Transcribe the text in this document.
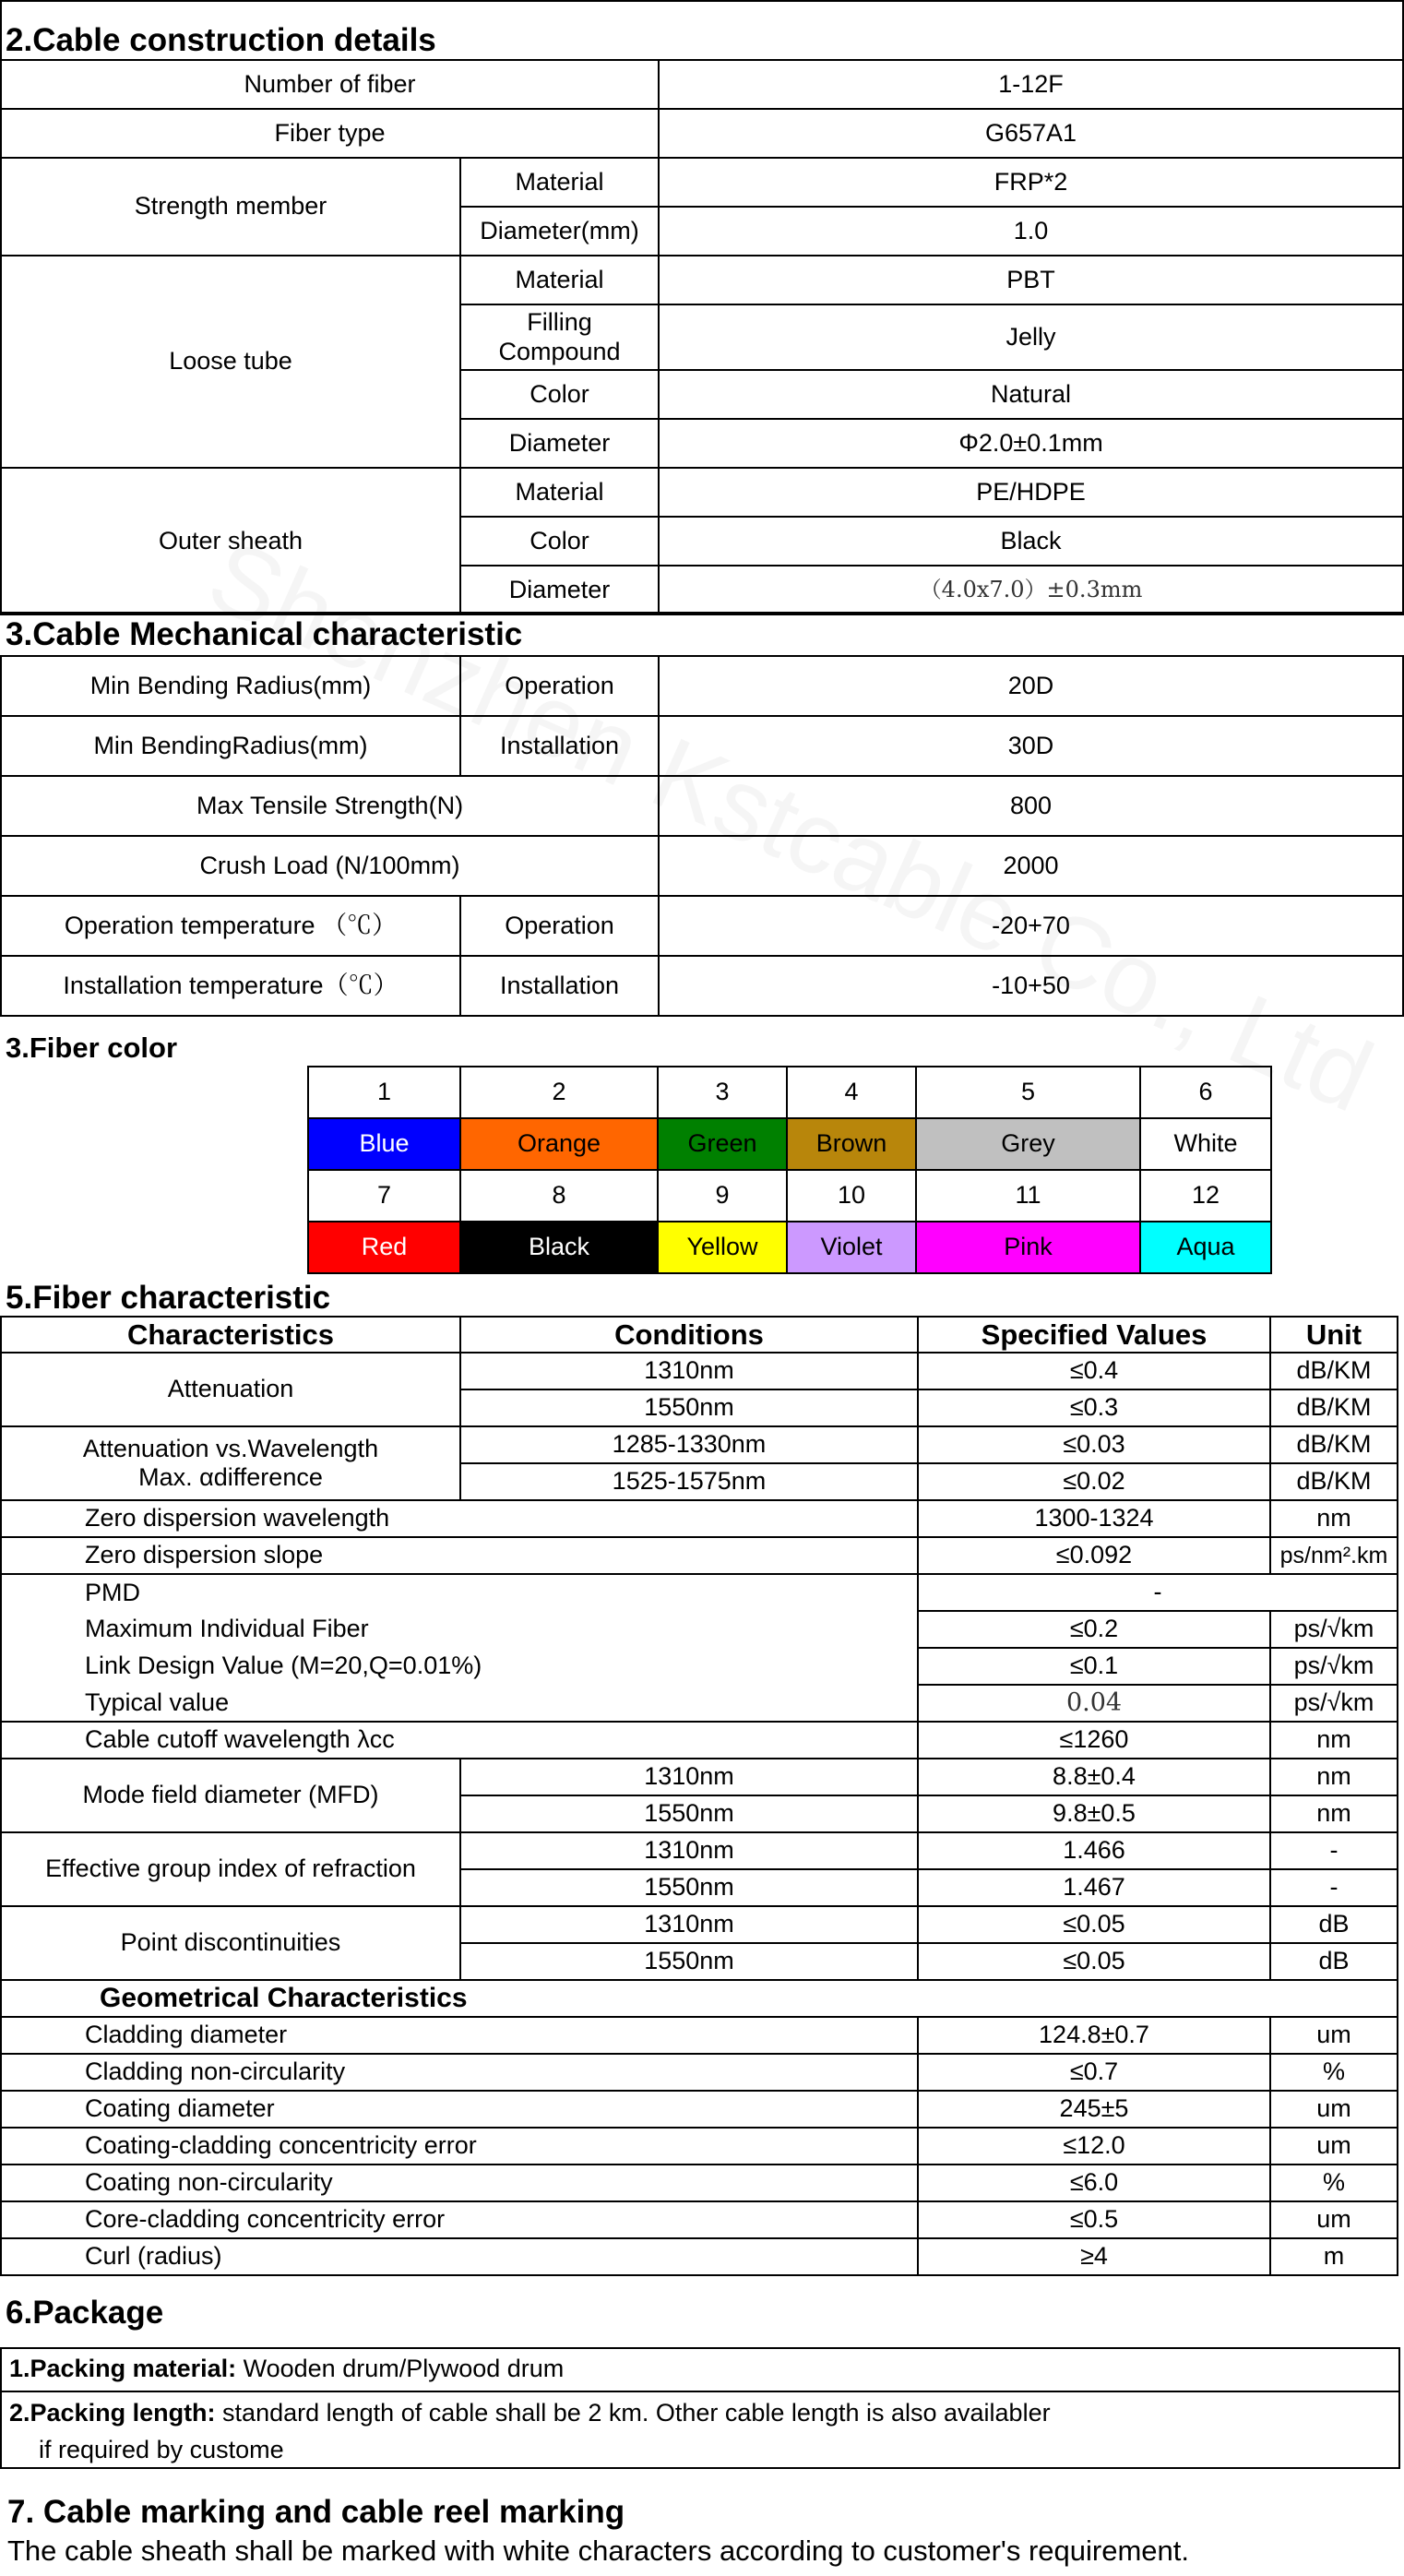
2.Cable construction details
Number of fiber		1-12F
Fiber type		G657A1
Strength member	Material	FRP*2
	Diameter(mm)	1.0
Loose tube	Material	PBT
	Filling Compound	Jelly
	Color	Natural
	Diameter	Φ2.0±0.1mm
Outer sheath	Material	PE/HDPE
	Color	Black
	Diameter	（4.0x7.0）±0.3mm
3.Cable Mechanical characteristic
Min Bending Radius(mm)	Operation	20D
Min BendingRadius(mm)	Installation	30D
Max Tensile Strength(N)		800
Crush Load (N/100mm)		2000
Operation temperature （℃）	Operation	-20+70
Installation temperature（℃）	Installation	-10+50
3.Fiber color
1	2	3	4	5	6
Blue	Orange	Green	Brown	Grey	White
7	8	9	10	11	12
Red	Black	Yellow	Violet	Pink	Aqua
5.Fiber characteristic
Characteristics	Conditions	Specified Values	Unit
Attenuation	1310nm	≤0.4	dB/KM
	1550nm	≤0.3	dB/KM

Attenuation vs.Wavelength
Max. αdifference	1285-1330nm	≤0.03	dB/KM
	1525-1575nm	≤0.02	dB/KM
Zero dispersion wavelength		1300-1324	nm
Zero dispersion slope		≤0.092	ps/nm².km
PMD		-	
Maximum Individual Fiber		≤0.2	ps/√km
Link Design Value (M=20,Q=0.01%)		≤0.1	ps/√km
Typical value		0.04	ps/√km
Cable cutoff wavelength λcc		≤1260	nm
Mode field diameter (MFD)	1310nm	8.8±0.4	nm
	1550nm	9.8±0.5	nm
Effective group index of refraction	1310nm	1.466	-
	1550nm	1.467	-
Point discontinuities	1310nm	≤0.05	dB
	1550nm	≤0.05	dB
Geometrical Characteristics			
Cladding diameter		124.8±0.7	um
Cladding non-circularity		≤0.7	%
Coating diameter		245±5	um
Coating-cladding concentricity error		≤12.0	um
Coating non-circularity		≤6.0	%
Core-cladding concentricity error		≤0.5	um
Curl (radius)		≥4	m
6.Package
1.Packing material: Wooden drum/Plywood drum
2.Packing length: standard length of cable shall be 2 km. Other cable length is also availabler
if required by custome
7. Cable marking and cable reel marking
The cable sheath shall be marked with white characters according to customer's requirement.
